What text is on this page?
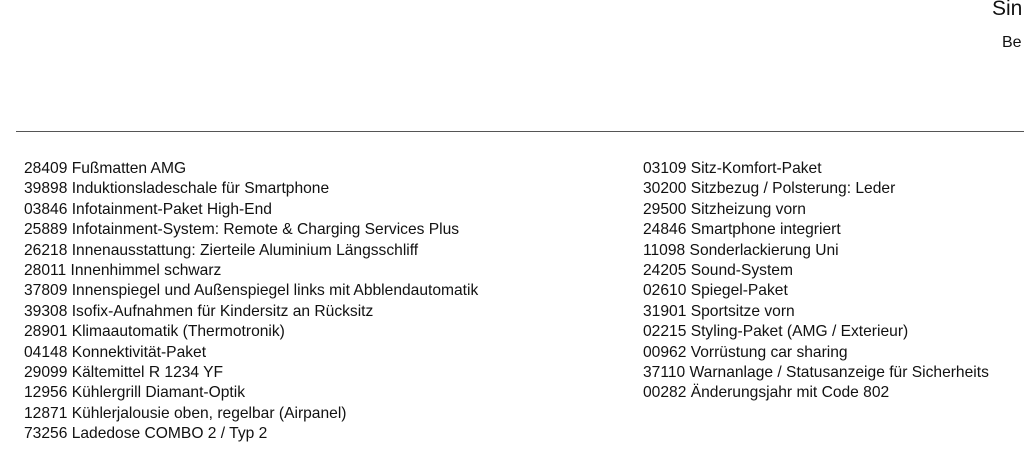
Sin
Be
28409 Fußmatten AMG
39898 Induktionsladeschale für Smartphone
03846 Infotainment-Paket High-End
25889 Infotainment-System: Remote & Charging Services Plus
26218 Innenausstattung: Zierteile Aluminium Längsschliff
28011 Innenhimmel schwarz
37809 Innenspiegel und Außenspiegel links mit Abblendautomatik
39308 Isofix-Aufnahmen für Kindersitz an Rücksitz
28901 Klimaautomatik (Thermotronik)
04148 Konnektivität-Paket
29099 Kältemittel R 1234 YF
12956 Kühlergrill Diamant-Optik
12871 Kühlerjalousie oben, regelbar (Airpanel)
73256 Ladedose COMBO 2 / Typ 2
03109 Sitz-Komfort-Paket
30200 Sitzbezug / Polsterung: Leder
29500 Sitzheizung vorn
24846 Smartphone integriert
11098 Sonderlackierung Uni
24205 Sound-System
02610 Spiegel-Paket
31901 Sportsitze vorn
02215 Styling-Paket (AMG / Exterieur)
00962 Vorrüstung car sharing
37110 Warnanlage / Statusanzeige für Sicherheits
00282 Änderungsjahr mit Code 802
